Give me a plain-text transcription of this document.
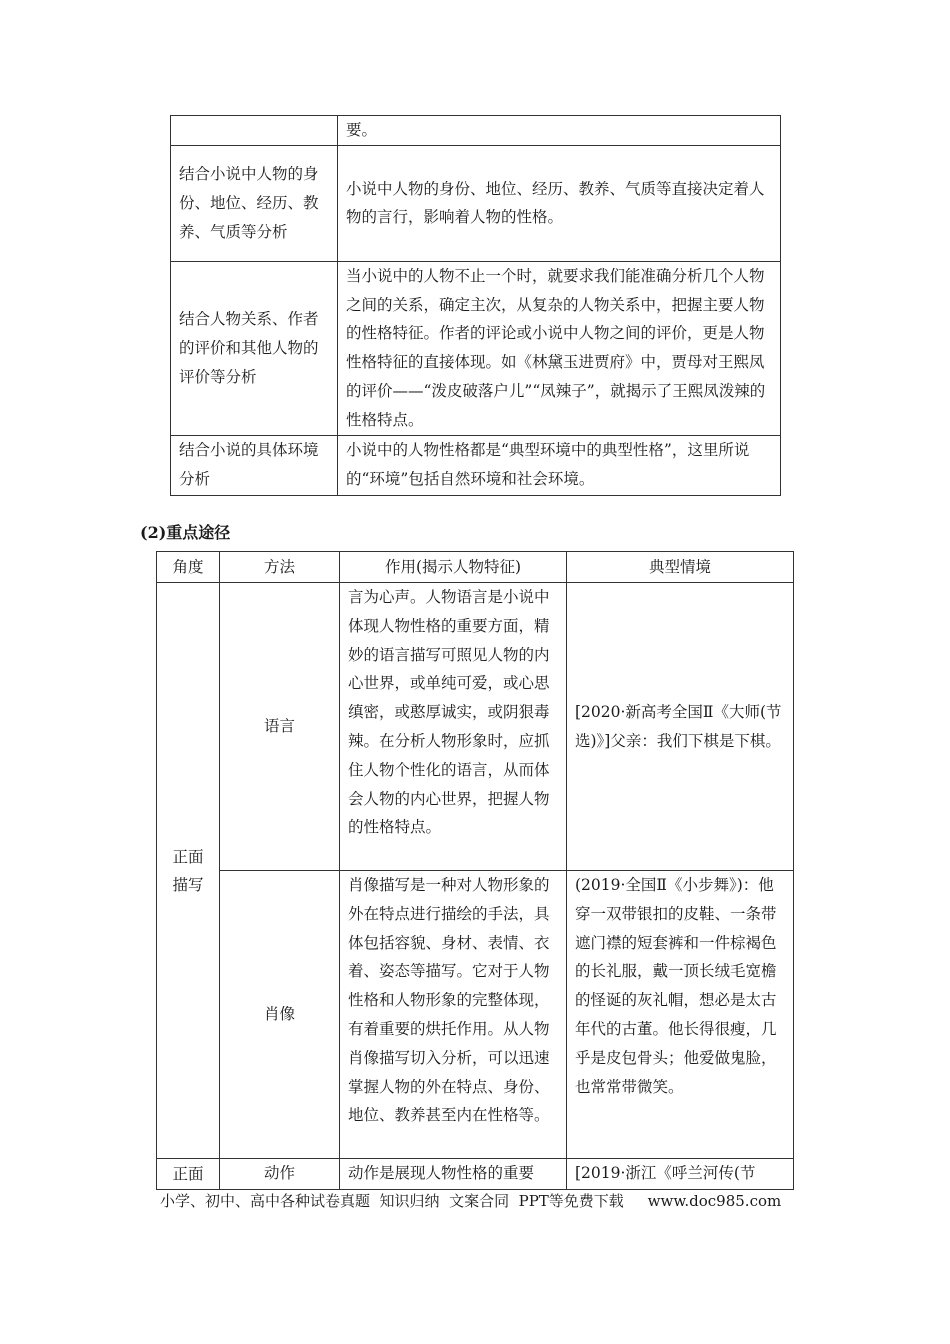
	要。
结合小说中人物的身份、地位、经历、教养、气质等分析	小说中人物的身份、地位、经历、教养、气质等直接决定着人物的言行，影响着人物的性格。
结合人物关系、作者的评价和其他人物的评价等分析	当小说中的人物不止一个时，就要求我们能准确分析几个人物之间的关系，确定主次，从复杂的人物关系中，把握主要人物的性格特征。作者的评论或小说中人物之间的评价，更是人物性格特征的直接体现。如《林黛玉进贾府》中，贾母对王熙凤的评价——“泼皮破落户儿”“凤辣子”，就揭示了王熙凤泼辣的性格特点。
结合小说的具体环境分析	小说中的人物性格都是“典型环境中的典型性格”，这里所说的“环境”包括自然环境和社会环境。
(2)重点途径
角度	方法	作用(揭示人物特征)	典型情境
正面描写	语言	言为心声。人物语言是小说中体现人物性格的重要方面，精妙的语言描写可照见人物的内心世界，或单纯可爱，或心思缜密，或憨厚诚实，或阴狠毒辣。在分析人物形象时，应抓住人物个性化的语言，从而体会人物的内心世界，把握人物的性格特点。	[2020·新高考全国Ⅱ《大师(节选)》]父亲：我们下棋是下棋。
	肖像	肖像描写是一种对人物形象的外在特点进行描绘的手法，具体包括容貌、身材、表情、衣着、姿态等描写。它对于人物性格和人物形象的完整体现，有着重要的烘托作用。从人物肖像描写切入分析，可以迅速掌握人物的外在特点、身份、地位、教养甚至内在性格等。	(2019·全国Ⅱ《小步舞》)：他穿一双带银扣的皮鞋、一条带遮门襟的短套裤和一件棕褐色的长礼服，戴一顶长绒毛宽檐的怪诞的灰礼帽，想必是太古年代的古董。他长得很瘦，几乎是皮包骨头；他爱做鬼脸，也常常带微笑。
正面	动作	动作是展现人物性格的重要	[2019·浙江《呼兰河传(节
小学、初中、高中各种试卷真题  知识归纳  文案合同  PPT等免费下载     www.doc985.com
